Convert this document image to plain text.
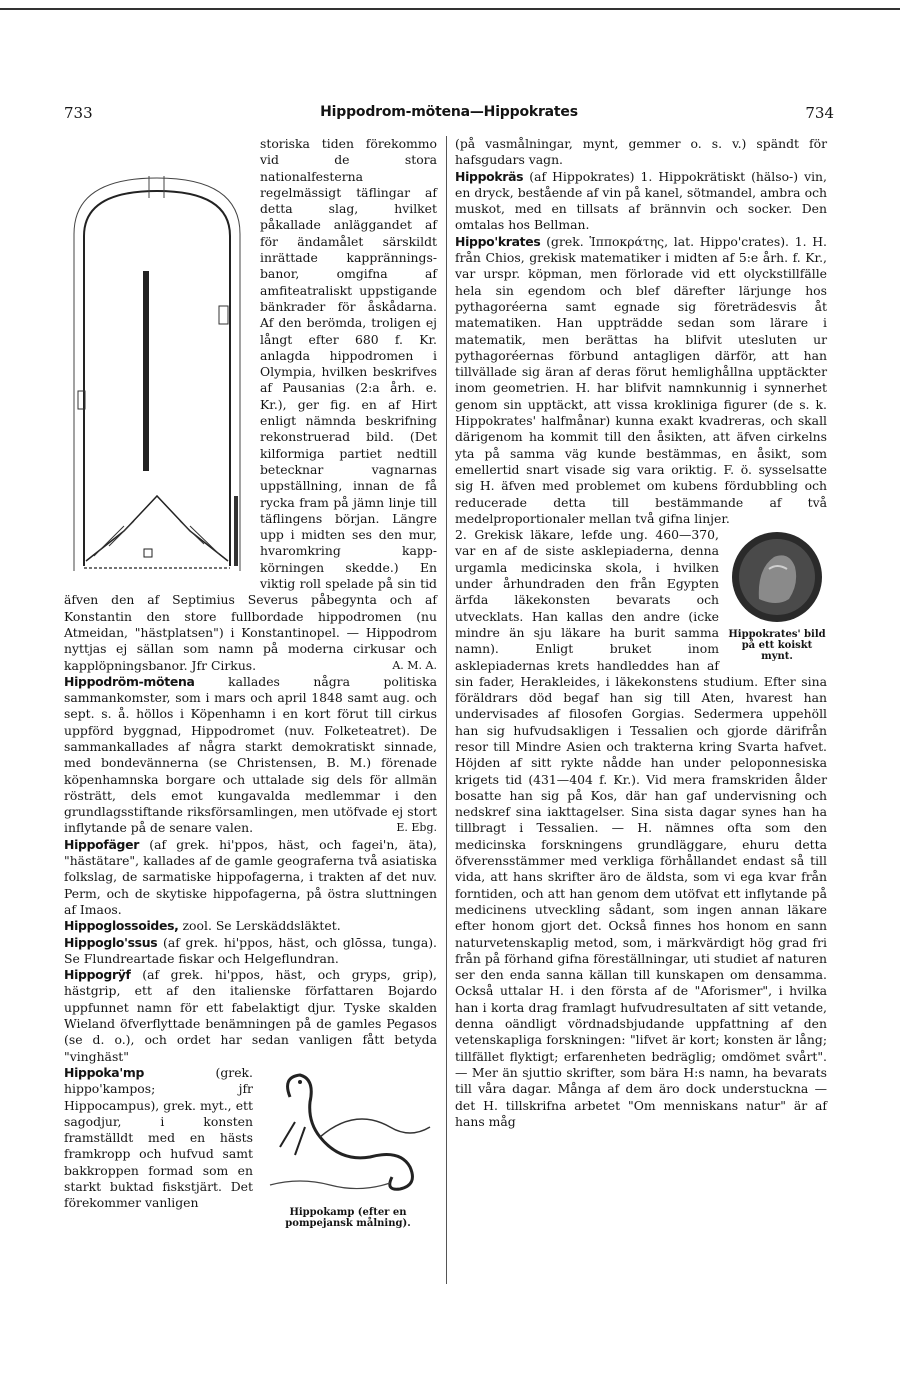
733	Hippodrom-mötena—Hippokrates	734

storiska tiden förekommo vid de stora nationalfesterna regelmässigt täflingar af detta slag, hvilket påkallade anläggandet af för ändamålet särskildt inrättade kappränningsbanor, omgifna af amfiteatraliskt uppstigande bänkrader för åskådarna. Af den berömda, troligen ej långt efter 680 f. Kr. anlagda hippodromen i Olympia, hvilken beskrifves af Pausanias (2:a årh. e. Kr.), ger fig. en af Hirt enligt nämnda beskrifning rekonstruerad bild. (Det kilformiga partiet nedtill betecknar vagnarnas uppställning, innan de få rycka fram på jämn linje till täflingens början. Längre upp i midten ses den mur, hvaromkring kappkörningen skedde.) En viktig roll spelade på sin tid äfven den af Septimius Severus påbegynta och af Konstantin den store fullbordade hippodromen (nu Atmeidan, "hästplatsen") i Konstantinopel. — Hippodrom nyttjas ej sällan som namn på moderna cirkusar och kapplöpningsbanor. Jfr Cirkus.	A. M. A.

Hippodröm-mötena	kallades några politiska sammankomster, som i mars och april 1848 samt aug. och sept. s. å. höllos i Köpenhamn i en kort förut till cirkus uppförd byggnad, Hippodromet (nuv. Folketeatret). De sammankallades af några starkt demokratiskt sinnade, med bondevännerna (se Christensen, B. M.) förenade köpenhamnska borgare och uttalade sig dels för allmän rösträtt, dels emot kungavalda medlemmar i den grundlagsstiftande riksförsamlingen, men utöfvade ej stort inflytande på de senare valen.	E. Ebg.

Hippofäger (af grek. hi'ppos, häst, och fagei'n, äta), "hästätare", kallades af de gamle geograferna två asiatiska folkslag, de sarmatiske hippofagerna, i trakten af det nuv. Perm, och de skytiske hippofagerna, på östra sluttningen af Imaos.

Hippoglossoides, zool. Se Lerskäddsläktet.

Hippoglo'ssus (af grek. hi'ppos, häst, och glōssa, tunga). Se Flundreartade fiskar och Helgeflundran.

Hippogrÿf (af grek. hi'ppos, häst, och gryps, grip), hästgrip, ett af den italienske författaren Bojardo uppfunnet namn för ett fabelaktigt djur. Tyske skalden Wieland öfverflyttade benämningen på de gamles Pegasos (se d. o.), och ordet har sedan vanligen fått betyda "vinghäst"

Hippokamp (efter en pompejansk målning).

Hippoka'mp	(grek. hippo'kampos; jfr Hippocampus), grek. myt., ett sagodjur, i konsten framställdt med en hästs framkropp och hufvud samt bakkroppen formad som en starkt buktad fiskstjärt. Det förekommer vanligen

(på vasmålningar, mynt, gemmer o. s. v.) spändt för hafsgudars vagn.

Hippokräs (af Hippokrates) 1. Hippokrätiskt (hälso-) vin, en dryck, bestående af vin på kanel, sötmandel, ambra och muskot, med en tillsats af brännvin och socker. Den omtalas hos Bellman.

Hippo'krates (grek. Ἱπποκράτης, lat. Hippo'crates). 1. H. från Chios, grekisk matematiker i midten af 5:e årh. f. Kr., var urspr. köpman, men förlorade vid ett olyckstillfälle hela sin egendom och blef därefter lärjunge hos pythagoréerna samt egnade sig företrädesvis åt matematiken. Han uppträdde sedan som lärare i matematik, men berättas ha blifvit utesluten ur pythagoréernas förbund antagligen därför, att han tillvällade sig äran af deras förut hemlighållna upptäckter inom geometrien. H. har blifvit namnkunnig i synnerhet genom sin upptäckt, att vissa krokliniga figurer (de s. k. Hippokrates' halfmånar) kunna exakt kvadreras, och skall därigenom ha kommit till den åsikten, att äfven cirkelns yta på samma väg kunde bestämmas, en åsikt, som emellertid snart visade sig vara oriktig. F. ö. sysselsatte sig H. äfven med problemet om kubens fördubbling och reducerade detta till bestämmande af två medelproportionaler mellan två gifna linjer.

Hippokrates' bild på ett koiskt mynt.

2. Grekisk läkare, lefde ung. 460—370, var en af de siste asklepiaderna, denna urgamla medicinska skola, i hvilken under århundraden den från Egypten ärfda läkekonsten bevarats och utvecklats. Han kallas den andre (icke mindre än sju läkare ha burit samma namn). Enligt bruket inom asklepiadernas krets handleddes han af sin fader, Herakleides, i läkekonstens studium. Efter sina föräldrars död begaf han sig till Aten, hvarest han undervisades af filosofen Gorgias. Sedermera uppehöll han sig hufvudsakligen i Tessalien och gjorde därifrån resor till Mindre Asien och trakterna kring Svarta hafvet. Höjden af sitt rykte nådde han under peloponnesiska krigets tid (431—404 f. Kr.). Vid mera framskriden ålder bosatte han sig på Kos, där han gaf undervisning och nedskref sina iakttagelser. Sina sista dagar synes han ha tillbragt i Tessalien. — H. nämnes ofta som den medicinska forskningens grundläggare, ehuru detta öfverensstämmer med verkliga förhållandet endast så till vida, att hans skrifter äro de äldsta, som vi ega kvar från forntiden, och att han genom dem utöfvat ett inflytande på medicinens utveckling sådant, som ingen annan läkare efter honom gjort det. Också finnes hos honom en sann naturvetenskaplig metod, som, i märkvärdigt hög grad fri från på förhand gifna föreställningar, uti studiet af naturen ser den enda sanna källan till kunskapen om densamma. Också uttalar H. i den första af de "Aforismer", i hvilka han i korta drag framlagt hufvudresultaten af sitt vetande, denna oändligt vördnadsbjudande uppfattning af den vetenskapliga forskningen: "lifvet är kort; konsten är lång; tillfället flyktigt; erfarenheten bedräglig; omdömet svårt". — Mer än sjuttio skrifter, som bära H:s namn, ha bevarats till våra dagar. Många af dem äro dock understuckna — det H. tillskrifna arbetet "Om menniskans natur" är af hans måg
